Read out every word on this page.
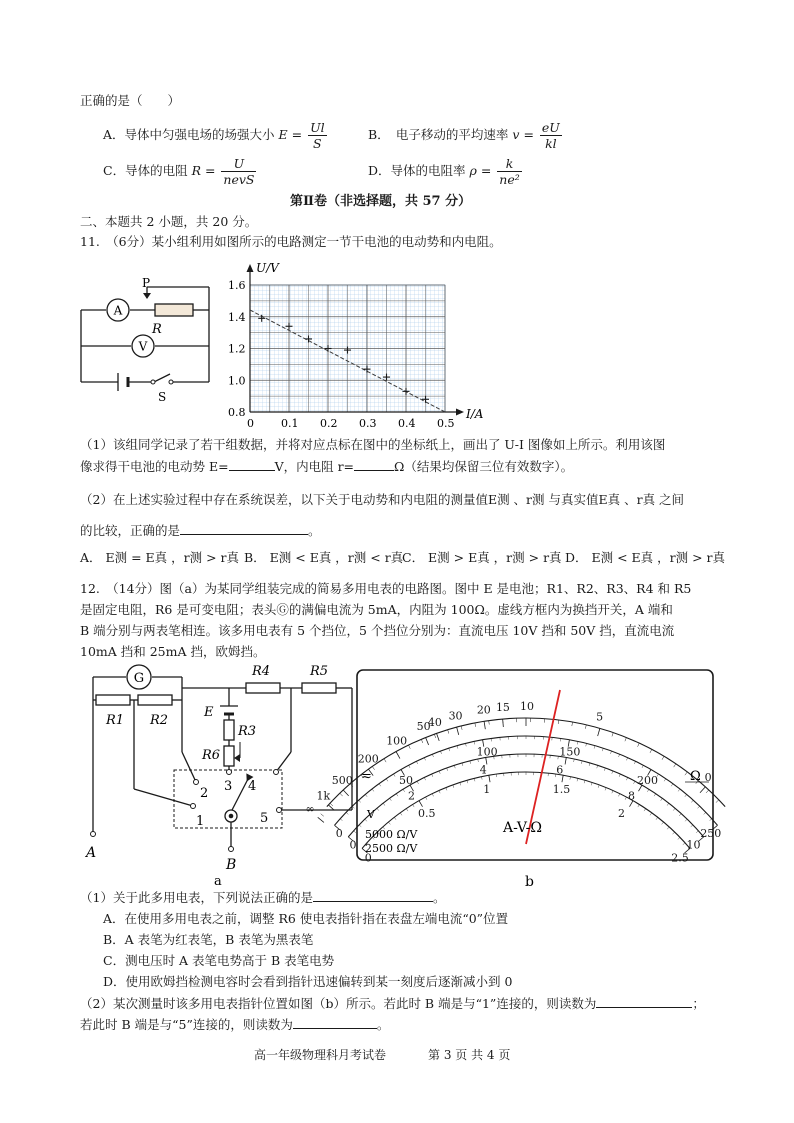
正确的是（　　）
A．导体中匀强电场的场强大小 $E = \frac{Ul}{S}$	B．　电子移动的平均速率 $v = \frac{eU}{kl}$
C．导体的电阻 $R = \frac{U}{\text{nevS}}$	D．导体的电阻率 $\rho = \frac{k}{\text{ne²}}$
第Ⅱ卷（非选择题，共 57 分）
二、本题共 2 小题，共 20 分。
11.　（6分）某小组利用如图所示的电路测定一节干电池的电动势和内电阻。
A
P
R
V
S
U/V
I/A
1.6
1.4
1.2
1.0
0.8
0 0.1 0.2 0.3 0.4 0.5
（1）该组同学记录了若干组数据，并将对应点标在图中的坐标纸上，画出了 U-I 图像如上所示。利用该图
像求得干电池的电动势 E=	V，内电阻 r=	Ω（结果均保留三位有效数字）。
（2）在上述实验过程中存在系统误差，以下关于电动势和内电阻的测量值E测 、r测 与真实值E真 、r真 之间
的比较，正确的是	。
A． E测 = E真 ，r测 > r真 B． E测 < E真 ，r测 < r真
C． E测 > E真 ，r测 > r真 D． E测 < E真 ，r测 > r真
12.　（14分）图（a）为某同学组装完成的简易多用电表的电路图。图中 E 是电池；R1、R2、R3、R4 和 R5
是固定电阻，R6 是可变电阻；表头Ⓖ的满偏电流为 5mA，内阻为 100Ω。虚线方框内为换挡开关，A 端和
B 端分别与两表笔相连。该多用电表有 5 个挡位，5 个挡位分别为：直流电压 10V 挡和 50V 挡，直流电流
10mA 挡和 25mA 挡，欧姆挡。
G
R1 R2
R4	R5
E
R3
R6
2
1
3 4
5
A
B
a
∞
1k
500
200
100
50
40 30 20 15 10
5
0
0
50
100	150
200
250
0
2
4	6
8
10
0
0.5
1	1.5
2
2.5
≂	Ω
V
A-V-Ω
5000 Ω/V
2500 Ω/V
b
（1）关于此多用电表，下列说法正确的是	。
A．在使用多用电表之前，调整 R6 使电表指针指在表盘左端电流“0”位置
B．A 表笔为红表笔，B 表笔为黑表笔
C．测电压时 A 表笔电势高于 B 表笔电势
D．使用欧姆挡检测电容时会看到指针迅速偏转到某一刻度后逐渐减小到 0
（2）某次测量时该多用电表指针位置如图（b）所示。若此时 B 端是与“1”连接的，则读数为	；
若此时 B 端是与“5”连接的，则读数为	。
高一年级物理科月考试卷	第 3 页 共 4 页
